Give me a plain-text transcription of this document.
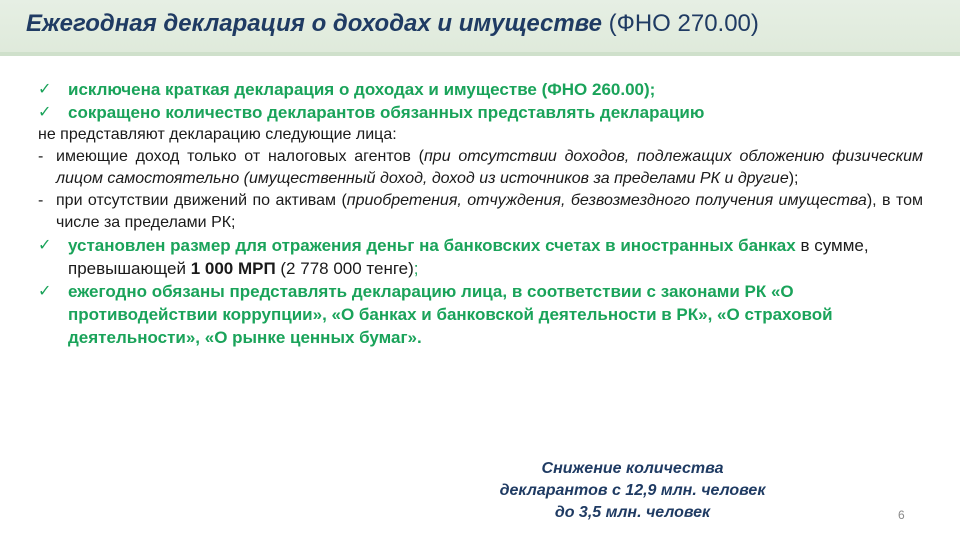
Ежегодная декларация о доходах и имуществе (ФНО 270.00)
✓ исключена краткая декларация о доходах и имуществе (ФНО 260.00);
✓ сокращено количество декларантов обязанных представлять декларацию
не представляют декларацию следующие лица:
- имеющие доход только от налоговых агентов (при отсутствии доходов, подлежащих обложению физическим лицом самостоятельно (имущественный доход, доход из источников за пределами РК и другие);
- при отсутствии движений по активам (приобретения, отчуждения, безвозмездного получения имущества), в том числе за пределами РК;
✓ установлен размер для отражения деньг на банковских счетах в иностранных банках в сумме, превышающей 1 000 МРП (2 778 000 тенге);
✓ ежегодно обязаны представлять декларацию лица, в соответствии с законами РК «О противодействии коррупции», «О банках и банковской деятельности в РК», «О страховой деятельности», «О рынке ценных бумаг».
Снижение количества
декларантов с 12,9 млн. человек
до 3,5 млн. человек	6
